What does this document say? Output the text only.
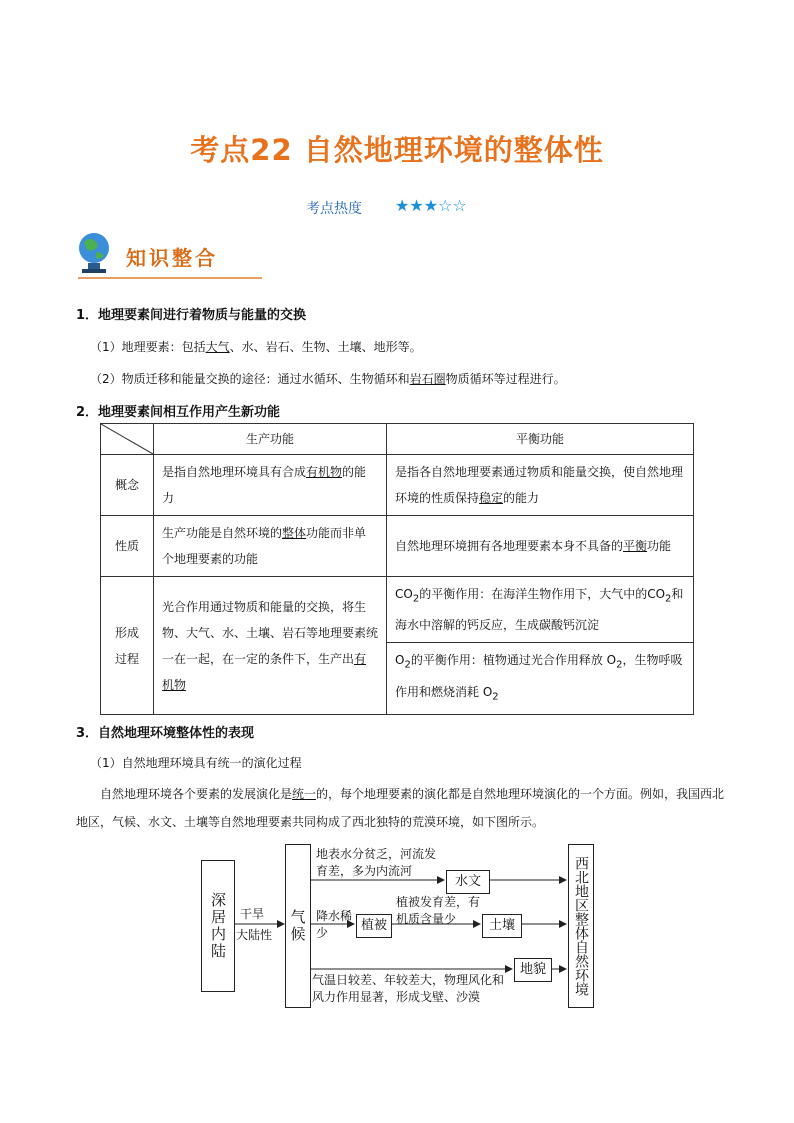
考点22 自然地理环境的整体性
考点热度 ★★★☆☆
知识整合
1．地理要素间进行着物质与能量的交换
（1）地理要素：包括大气、水、岩石、生物、土壤、地形等。
（2）物质迁移和能量交换的途径：通过水循环、生物循环和岩石圈物质循环等过程进行。
2．地理要素间相互作用产生新功能
	生产功能	平衡功能
概念	是指自然地理环境具有合成有机物的能力	是指各自然地理要素通过物质和能量交换，使自然地理环境的性质保持稳定的能力
性质	生产功能是自然环境的整体功能而非单个地理要素的功能	自然地理环境拥有各地理要素本身不具备的平衡功能
形成
过程	光合作用通过物质和能量的交换，将生物、大气、水、土壤、岩石等地理要素统一在一起，在一定的条件下，生产出有机物	$CO_2$的平衡作用：在海洋生物作用下，大气中的$CO_2$和海水中溶解的钙反应，生成碳酸钙沉淀
		$O_2$的平衡作用：植物通过光合作用释放 $O_2$，生物呼吸作用和燃烧消耗 $O_2$
3．自然地理环境整体性的表现
（1）自然地理环境具有统一的演化过程
自然地理环境各个要素的发展演化是统一的，每个地理要素的演化都是自然地理环境演化的一个方面。例如，我国西北地区，气候、水文、土壤等自然地理要素共同构成了西北独特的荒漠环境，如下图所示。
深居内陆	干旱
大陆性 气候
地表水分贫乏，河流发育差，多为内流河
水文
降水稀少	植被
植被发育差，有机质含量少	土壤
地貌
气温日较差、年较差大，物理风化和风力作用显著，形成戈壁、沙漠
西北地区整体自然环境
